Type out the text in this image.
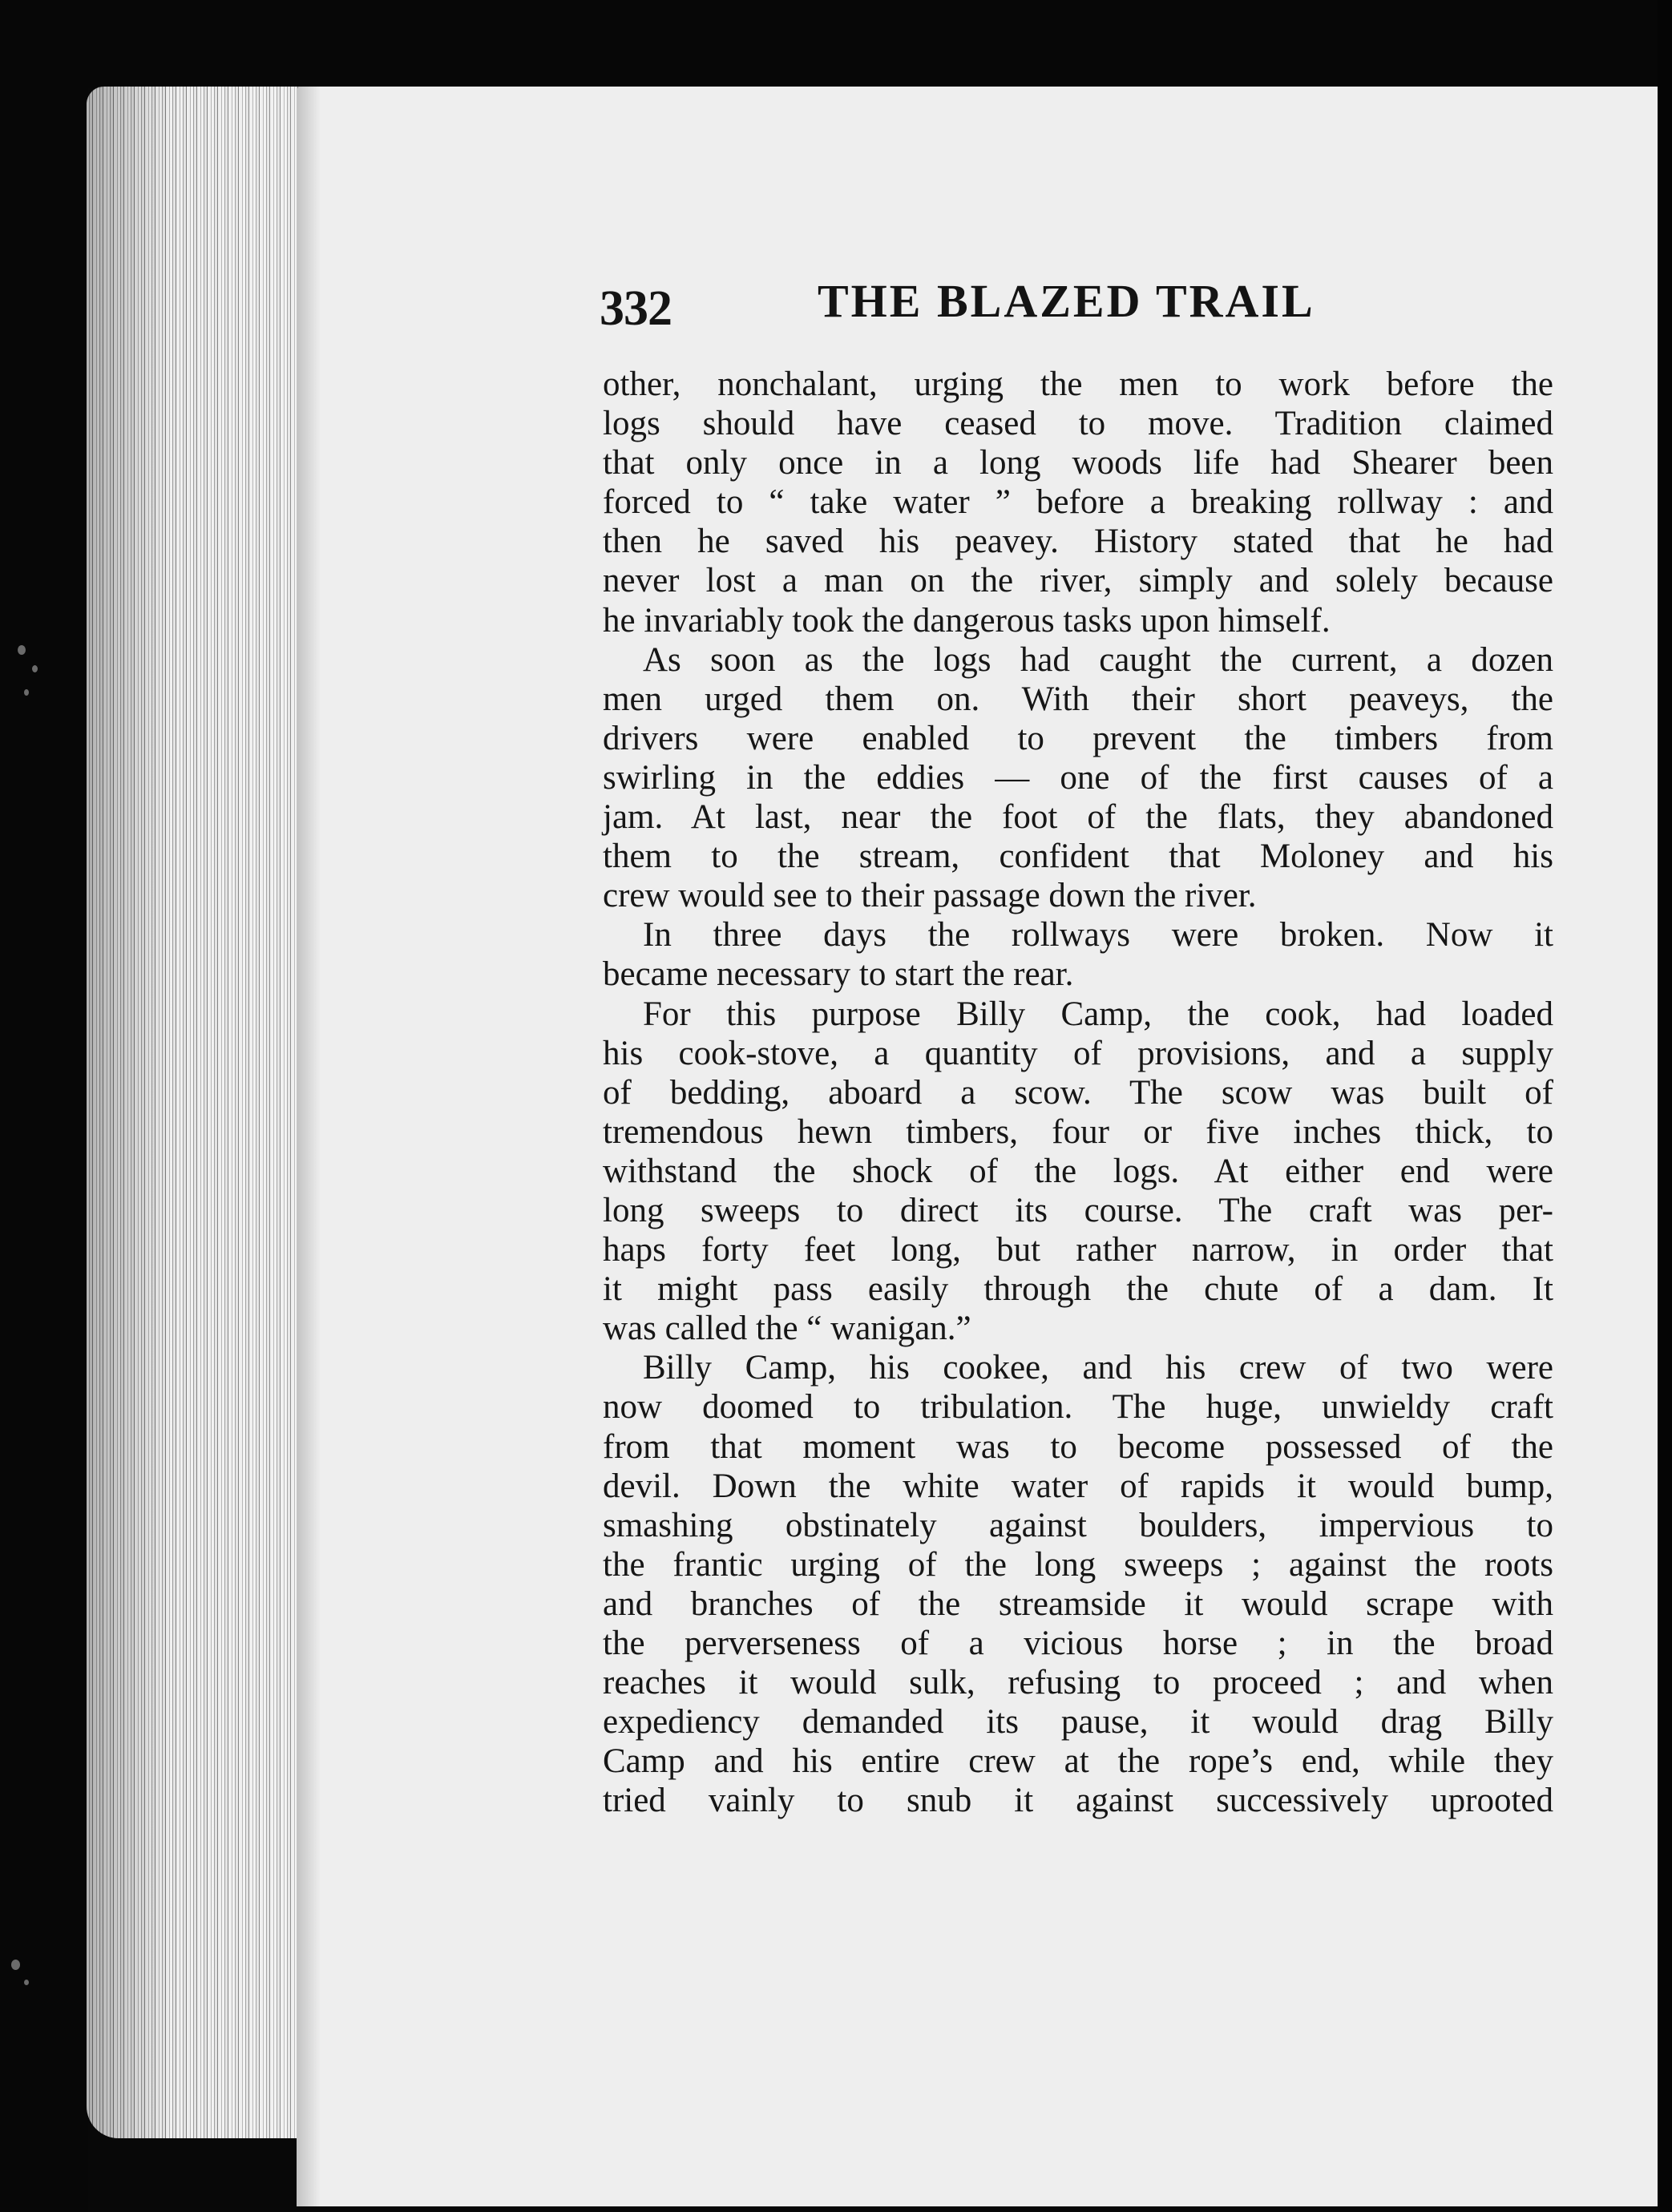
332	THE BLAZED TRAIL
other, nonchalant, urging the men to work before the
logs should have ceased to move. Tradition claimed
that only once in a long woods life had Shearer been
forced to “ take water ” before a breaking rollway : and
then he saved his peavey. History stated that he had
never lost a man on the river, simply and solely because
he invariably took the dangerous tasks upon himself.
As soon as the logs had caught the current, a dozen
men urged them on. With their short peaveys, the
drivers were enabled to prevent the timbers from
swirling in the eddies — one of the first causes of a
jam. At last, near the foot of the flats, they abandoned
them to the stream, confident that Moloney and his
crew would see to their passage down the river.
In three days the rollways were broken. Now it
became necessary to start the rear.
For this purpose Billy Camp, the cook, had loaded
his cook-stove, a quantity of provisions, and a supply
of bedding, aboard a scow. The scow was built of
tremendous hewn timbers, four or five inches thick, to
withstand the shock of the logs. At either end were
long sweeps to direct its course. The craft was per-
haps forty feet long, but rather narrow, in order that
it might pass easily through the chute of a dam. It
was called the “ wanigan.”
Billy Camp, his cookee, and his crew of two were
now doomed to tribulation. The huge, unwieldy craft
from that moment was to become possessed of the
devil. Down the white water of rapids it would bump,
smashing obstinately against boulders, impervious to
the frantic urging of the long sweeps ; against the roots
and branches of the streamside it would scrape with
the perverseness of a vicious horse ; in the broad
reaches it would sulk, refusing to proceed ; and when
expediency demanded its pause, it would drag Billy
Camp and his entire crew at the rope’s end, while they
tried vainly to snub it against successively uprooted
